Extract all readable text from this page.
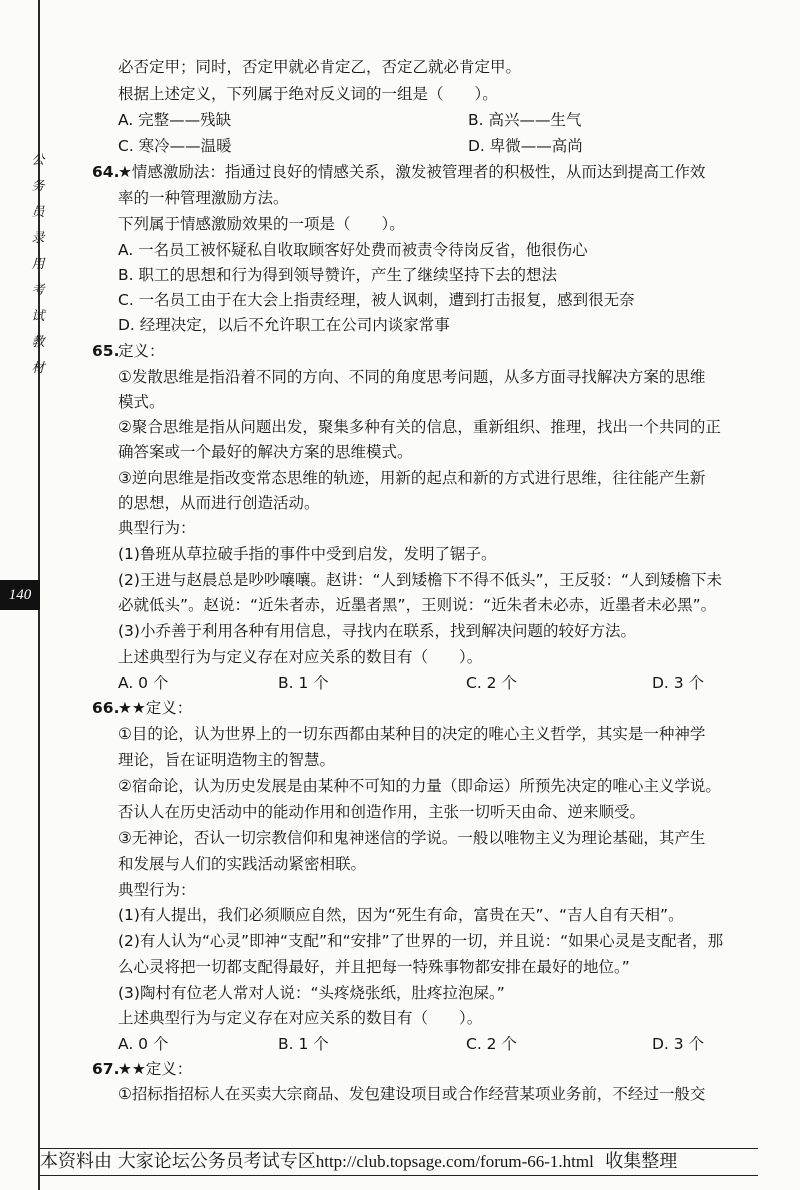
公
务
员
录
用
考
试
教
材
140
必否定甲；同时，否定甲就必肯定乙，否定乙就必肯定甲。
根据上述定义，下列属于绝对反义词的一组是（　　）。
A. 完整——残缺	B. 高兴——生气
C. 寒冷——温暖	D. 卑微——高尚
64.
★情感激励法：指通过良好的情感关系，激发被管理者的积极性，从而达到提高工作效
率的一种管理激励方法。
下列属于情感激励效果的一项是（　　）。
A. 一名员工被怀疑私自收取顾客好处费而被责令待岗反省，他很伤心
B. 职工的思想和行为得到领导赞许，产生了继续坚持下去的想法
C. 一名员工由于在大会上指责经理，被人讽刺，遭到打击报复，感到很无奈
D. 经理决定，以后不允许职工在公司内谈家常事
65.
定义：
①发散思维是指沿着不同的方向、不同的角度思考问题，从多方面寻找解决方案的思维
模式。
②聚合思维是指从问题出发，聚集多种有关的信息，重新组织、推理，找出一个共同的正
确答案或一个最好的解决方案的思维模式。
③逆向思维是指改变常态思维的轨迹，用新的起点和新的方式进行思维，往往能产生新
的思想，从而进行创造活动。
典型行为：
(1)鲁班从草拉破手指的事件中受到启发，发明了锯子。
(2)王进与赵晨总是吵吵嚷嚷。赵讲：“人到矮檐下不得不低头”，王反驳：“人到矮檐下未
必就低头”。赵说：“近朱者赤，近墨者黑”，王则说：“近朱者未必赤，近墨者未必黑”。
(3)小乔善于利用各种有用信息，寻找内在联系，找到解决问题的较好方法。
上述典型行为与定义存在对应关系的数目有（　　）。
A. 0 个	B. 1 个	C. 2 个	D. 3 个
66.
★★定义：
①目的论，认为世界上的一切东西都由某种目的决定的唯心主义哲学，其实是一种神学
理论，旨在证明造物主的智慧。
②宿命论，认为历史发展是由某种不可知的力量（即命运）所预先决定的唯心主义学说。
否认人在历史活动中的能动作用和创造作用，主张一切听天由命、逆来顺受。
③无神论，否认一切宗教信仰和鬼神迷信的学说。一般以唯物主义为理论基础，其产生
和发展与人们的实践活动紧密相联。
典型行为：
(1)有人提出，我们必须顺应自然，因为“死生有命，富贵在天”、“吉人自有天相”。
(2)有人认为“心灵”即神“支配”和“安排”了世界的一切，并且说：“如果心灵是支配者，那
么心灵将把一切都支配得最好，并且把每一特殊事物都安排在最好的地位。”
(3)陶村有位老人常对人说：“头疼烧张纸，肚疼拉泡屎。”
上述典型行为与定义存在对应关系的数目有（　　）。
A. 0 个	B. 1 个	C. 2 个	D. 3 个
67.
★★定义：
①招标指招标人在买卖大宗商品、发包建设项目或合作经营某项业务前，不经过一般交
本资料由 大家论坛公务员考试专区http://club.topsage.com/forum-66-1.html 收集整理
